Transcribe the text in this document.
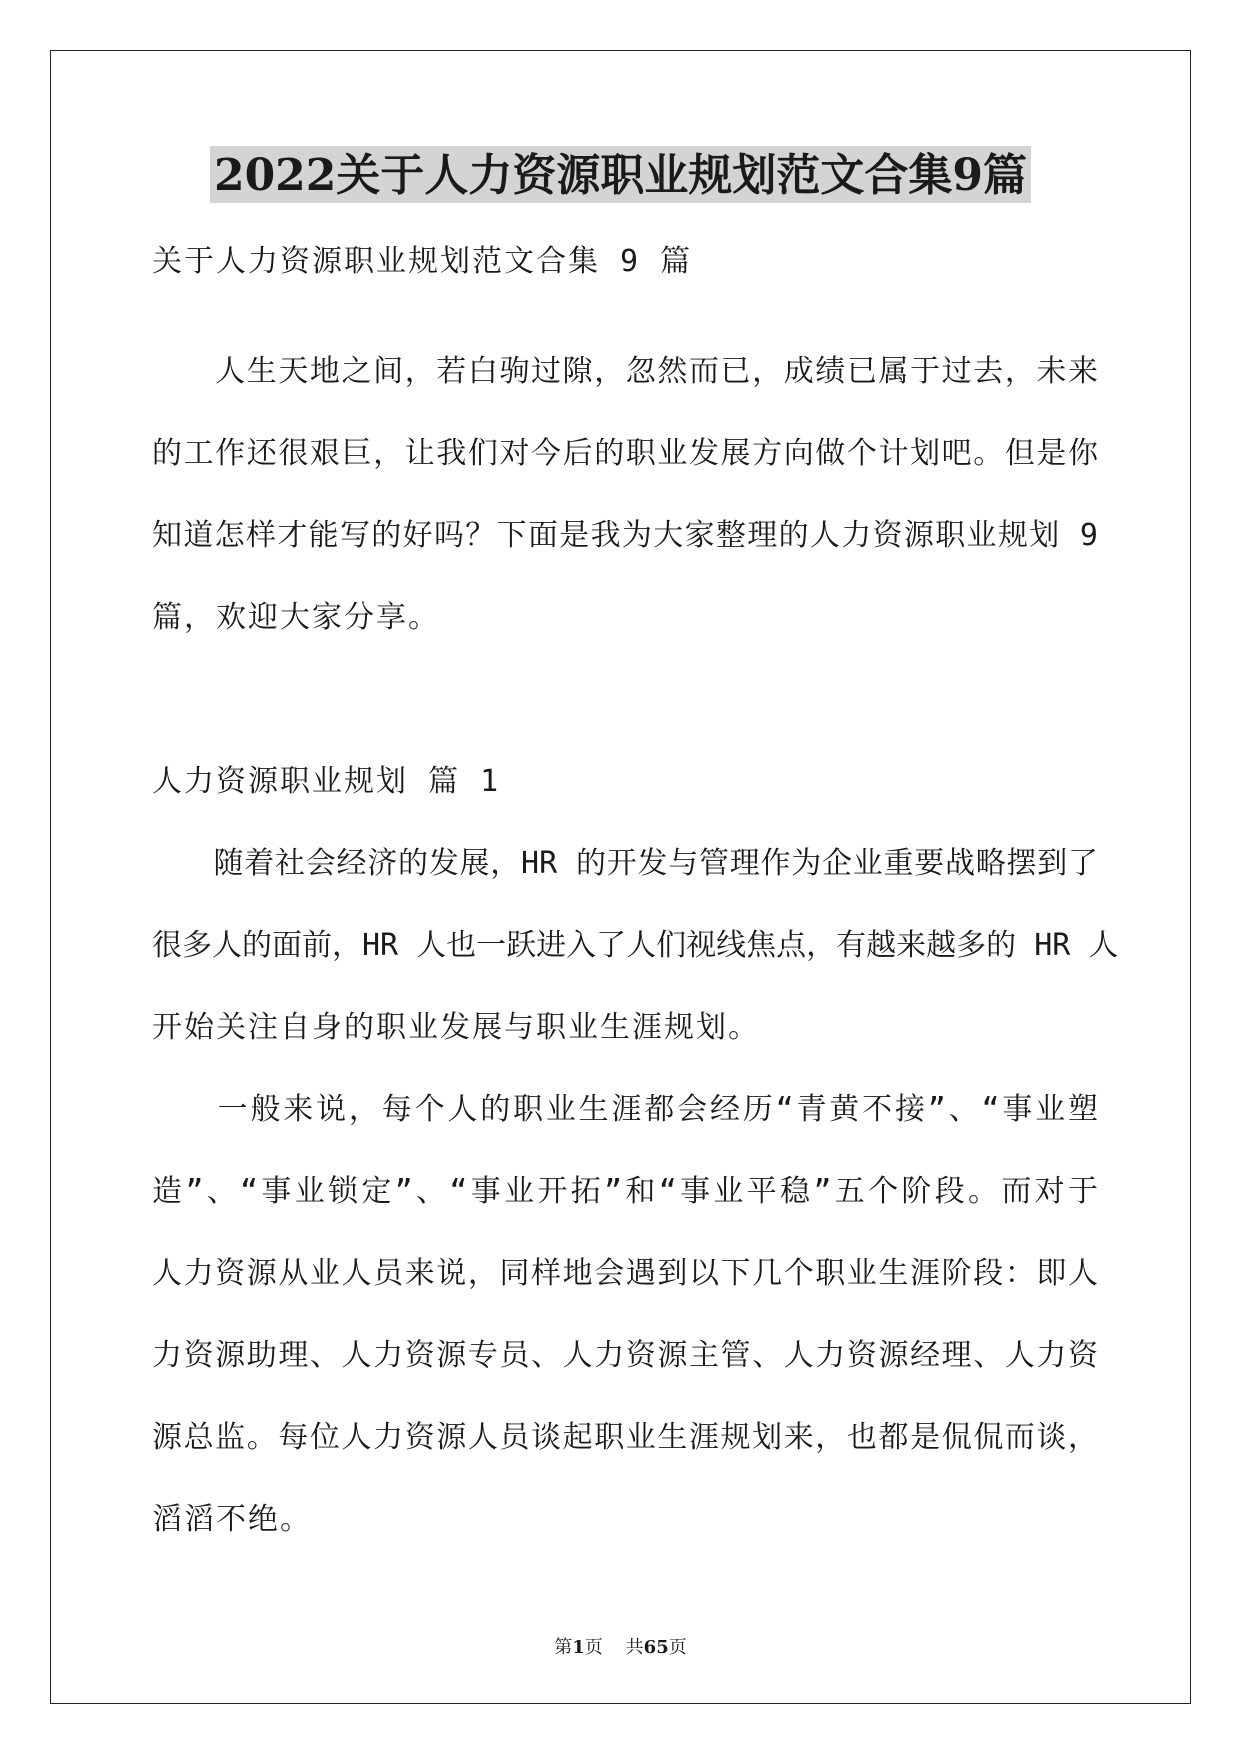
2022关于人力资源职业规划范文合集9篇
关于人力资源职业规划范文合集 9 篇
　　人生天地之间，若白驹过隙，忽然而已，成绩已属于过去，未来
的工作还很艰巨，让我们对今后的职业发展方向做个计划吧。但是你
知道怎样才能写的好吗？下面是我为大家整理的人力资源职业规划 9
篇，欢迎大家分享。
人力资源职业规划 篇 1
　　随着社会经济的发展，HR 的开发与管理作为企业重要战略摆到了
很多人的面前，HR 人也一跃进入了人们视线焦点，有越来越多的 HR 人
开始关注自身的职业发展与职业生涯规划。
　　一般来说，每个人的职业生涯都会经历“青黄不接”、“事业塑
造”、“事业锁定”、“事业开拓”和“事业平稳”五个阶段。而对于
人力资源从业人员来说，同样地会遇到以下几个职业生涯阶段：即人
力资源助理、人力资源专员、人力资源主管、人力资源经理、人力资
源总监。每位人力资源人员谈起职业生涯规划来，也都是侃侃而谈，
滔滔不绝。
第1页 共65页
